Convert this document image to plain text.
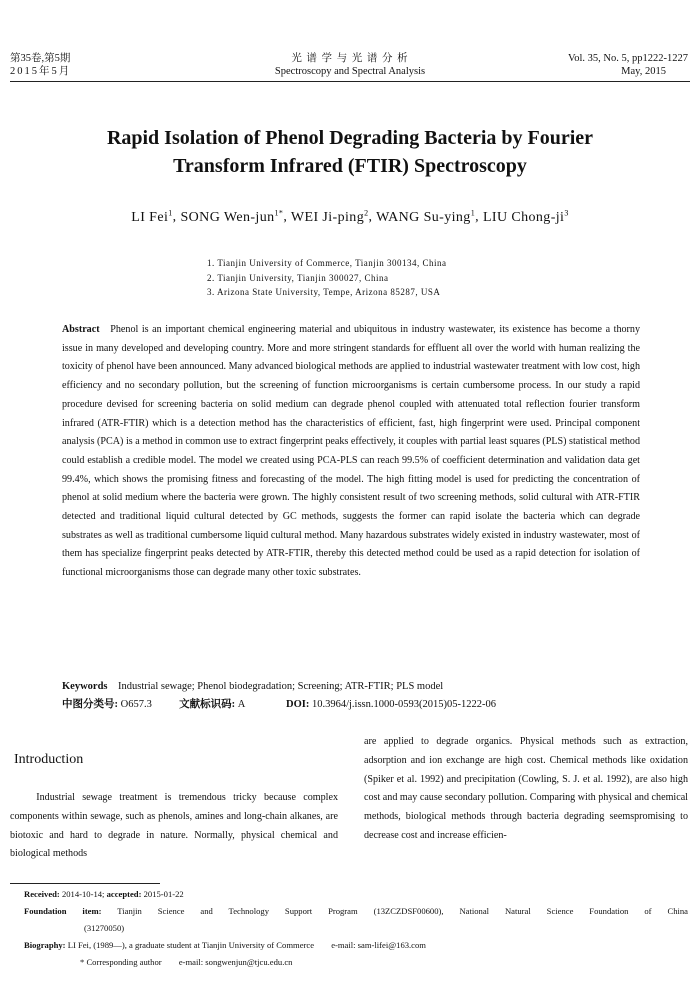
第35卷,第5期
2015年5月
光 谱 学 与 光 谱 分 析
Spectroscopy and Spectral Analysis
Vol. 35, No. 5, pp1222-1227
May, 2015
Rapid Isolation of Phenol Degrading Bacteria by Fourier
Transform Infrared (FTIR) Spectroscopy
LI Fei$^1$, SONG Wen-jun$^{1*}$, WEI Ji-ping$^2$, WANG Su-ying$^1$, LIU Chong-$ji^3$
1. Tianjin University of Commerce, Tianjin 300134, China
2. Tianjin University, Tianjin 300027, China
3. Arizona State University, Tempe, Arizona 85287, USA
Abstract Phenol is an important chemical engineering material and ubiquitous in industry wastewater, its existence has become a thorny issue in many developed and developing country. More and more stringent standards for effluent all over the world with human realizing the toxicity of phenol have been announced. Many advanced biological methods are applied to industrial wastewater treatment with low cost, high efficiency and no secondary pollution, but the screening of function microorganisms is certain cumbersome process. In our study a rapid procedure devised for screening bacteria on solid medium can degrade phenol coupled with attenuated total reflection fourier transform infrared (ATR-FTIR) which is a detection method has the characteristics of efficient, fast, high fingerprint were used. Principal component analysis (PCA) is a method in common use to extract fingerprint peaks effectively, it couples with partial least squares (PLS) statistical method could establish a credible model. The model we created using PCA-PLS can reach 99.5% of coefficient determination and validation data get 99.4%, which shows the promising fitness and forecasting of the model. The high fitting model is used for predicting the concentration of phenol at solid medium where the bacteria were grown. The highly consistent result of two screening methods, solid cultural with ATR-FTIR detected and traditional liquid cultural detected by GC methods, suggests the former can rapid isolate the bacteria which can degrade substrates as well as traditional cumbersome liquid cultural method. Many hazardous substrates widely existed in industry wastewater, most of them has specialize fingerprint peaks detected by ATR-FTIR, thereby this detected method could be used as a rapid detection for isolation of functional microorganisms those can degrade many other toxic substrates.
Keywords Industrial sewage; Phenol biodegradation; Screening; ATR-FTIR; PLS model
中图分类号: O657.3	文献标识码: A	DOI: 10.3964/j.issn.1000-0593(2015)05-1222-06
Introduction
Industrial sewage treatment is tremendous tricky because complex components within sewage, such as phenols, amines and long-chain alkanes, are biotoxic and hard to degrade in nature. Normally, physical chemical and biological methods
are applied to degrade organics. Physical methods such as extraction, adsorption and ion exchange are high cost. Chemical methods like oxidation (Spiker et al. 1992) and precipitation (Cowling, S. J. et al. 1992), are also high cost and may cause secondary pollution. Comparing with physical and chemical methods, biological methods through bacteria degrading seemspromising to decrease cost and increase efficien-
Received: 2014-10-14; accepted: 2015-01-22
Foundation item: Tianjin Science and Technology Support Program (13ZCZDSF00600), National Natural Science Foundation of China
(31270050)
Biography: LI Fei, (1989—), a graduate student at Tianjin University of Commerce        e-mail: sam-lifei@163.com
* Corresponding author        e-mail: songwenjun@tjcu.edu.cn
